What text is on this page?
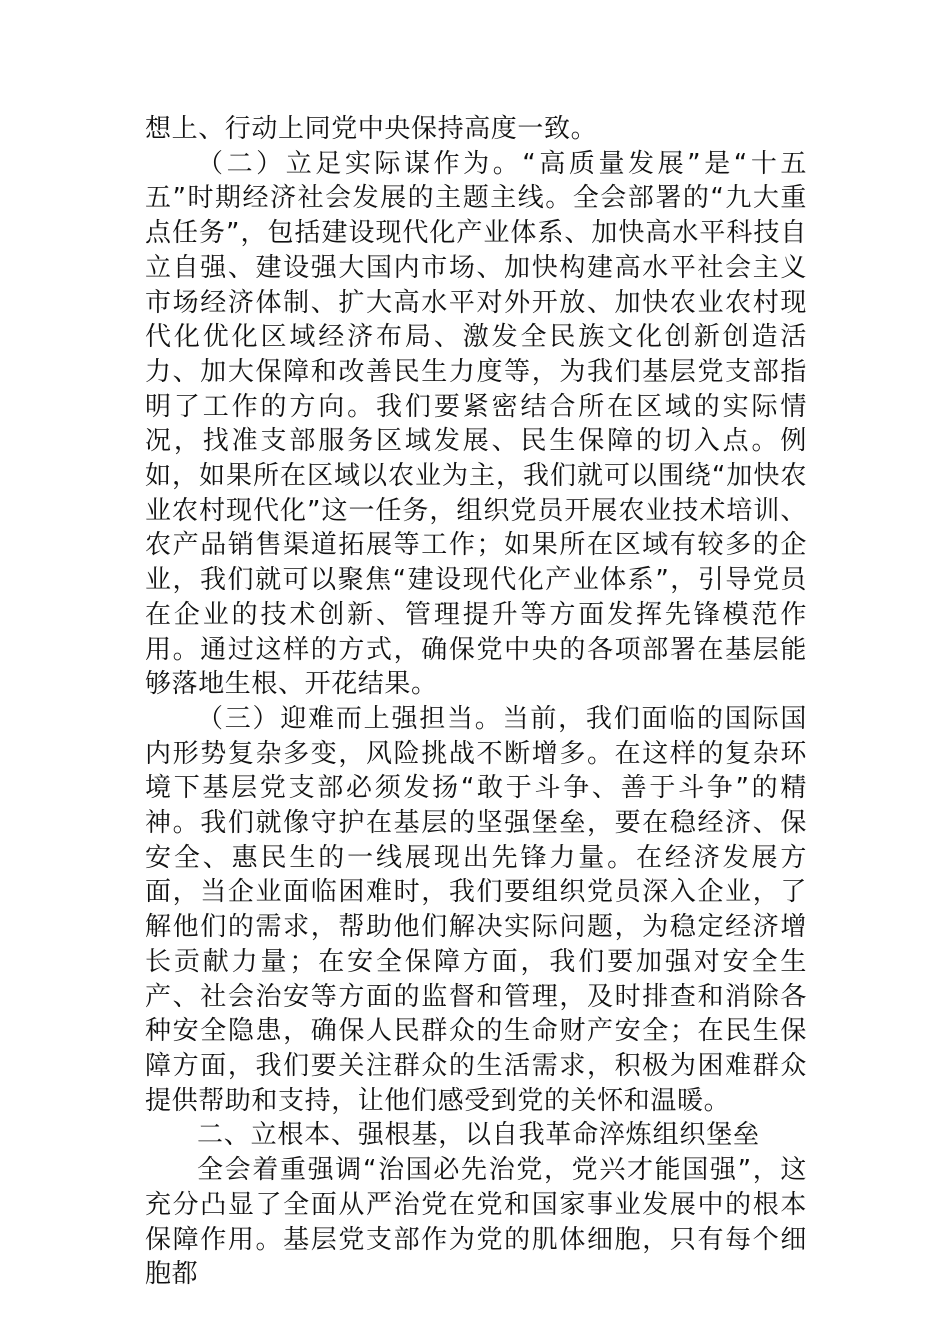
想上、行动上同党中央保持高度一致。

（二）立足实际谋作为。“高质量发展”是“十五五”时期经济社会发展的主题主线。全会部署的“九大重点任务”，包括建设现代化产业体系、加快高水平科技自立自强、建设强大国内市场、加快构建高水平社会主义市场经济体制、扩大高水平对外开放、加快农业农村现代化优化区域经济布局、激发全民族文化创新创造活力、加大保障和改善民生力度等，为我们基层党支部指明了工作的方向。我们要紧密结合所在区域的实际情况，找准支部服务区域发展、民生保障的切入点。例如，如果所在区域以农业为主，我们就可以围绕“加快农业农村现代化”这一任务，组织党员开展农业技术培训、农产品销售渠道拓展等工作；如果所在区域有较多的企业，我们就可以聚焦“建设现代化产业体系”，引导党员在企业的技术创新、管理提升等方面发挥先锋模范作用。通过这样的方式，确保党中央的各项部署在基层能够落地生根、开花结果。

（三）迎难而上强担当。当前，我们面临的国际国内形势复杂多变，风险挑战不断增多。在这样的复杂环境下基层党支部必须发扬“敢于斗争、善于斗争”的精神。我们就像守护在基层的坚强堡垒，要在稳经济、保安全、惠民生的一线展现出先锋力量。在经济发展方面，当企业面临困难时，我们要组织党员深入企业，了解他们的需求，帮助他们解决实际问题，为稳定经济增长贡献力量；在安全保障方面，我们要加强对安全生产、社会治安等方面的监督和管理，及时排查和消除各种安全隐患，确保人民群众的生命财产安全；在民生保障方面，我们要关注群众的生活需求，积极为困难群众提供帮助和支持，让他们感受到党的关怀和温暖。

二、立根本、强根基，以自我革命淬炼组织堡垒

全会着重强调“治国必先治党，党兴才能国强”，这充分凸显了全面从严治党在党和国家事业发展中的根本保障作用。基层党支部作为党的肌体细胞，只有每个细胞都
